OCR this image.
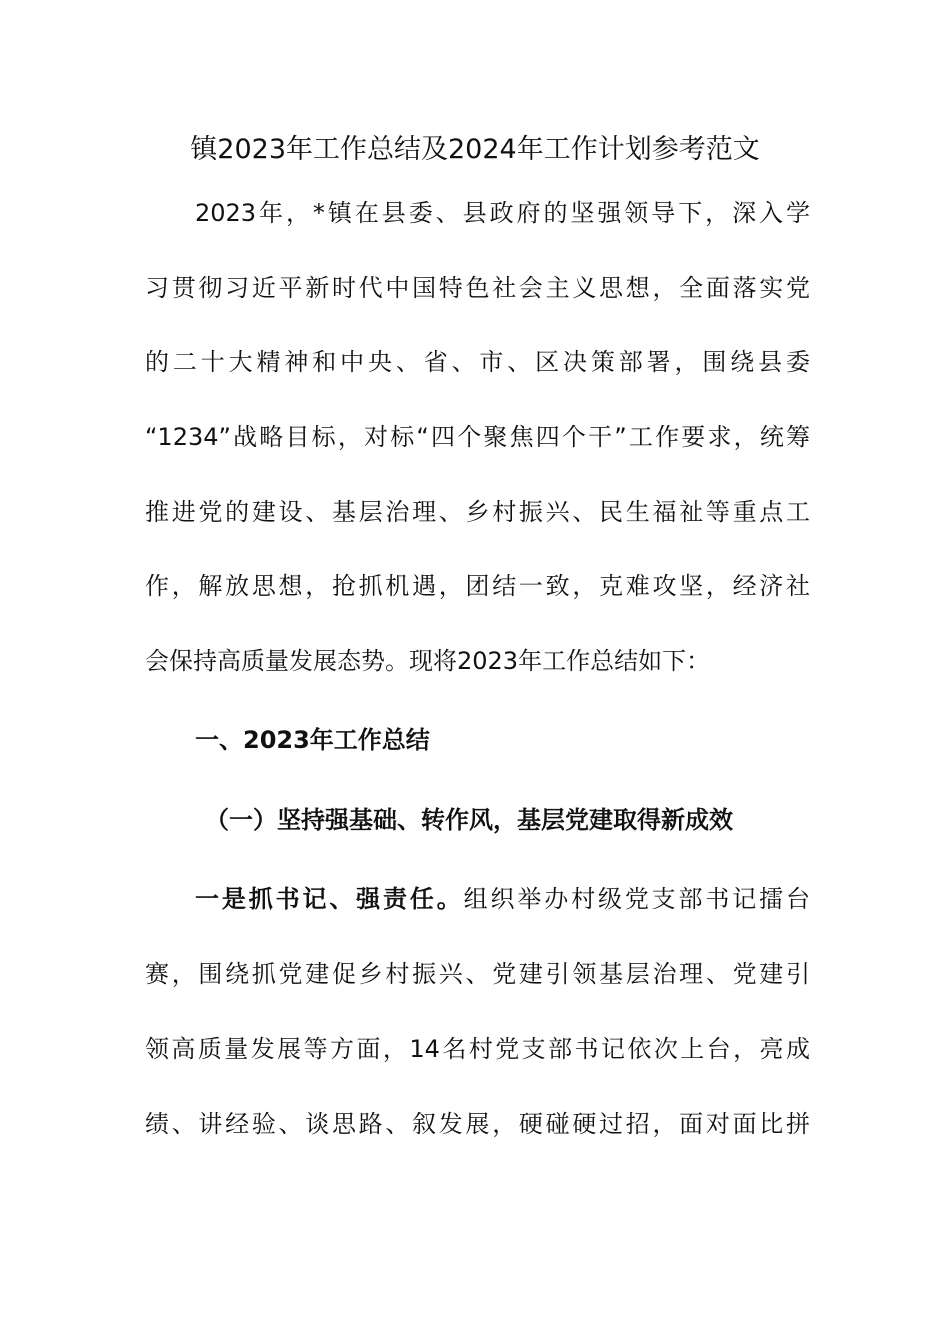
镇2023年工作总结及2024年工作计划参考范文
2023年，*镇在县委、县政府的坚强领导下，深入学
习贯彻习近平新时代中国特色社会主义思想，全面落实党
的二十大精神和中央、省、市、区决策部署，围绕县委
“1234”战略目标，对标“四个聚焦四个干”工作要求，统筹
推进党的建设、基层治理、乡村振兴、民生福祉等重点工
作，解放思想，抢抓机遇，团结一致，克难攻坚，经济社
会保持高质量发展态势。现将2023年工作总结如下：
一、2023年工作总结
（一）坚持强基础、转作风，基层党建取得新成效
一是抓书记、强责任。组织举办村级党支部书记擂台
赛，围绕抓党建促乡村振兴、党建引领基层治理、党建引
领高质量发展等方面，14名村党支部书记依次上台，亮成
绩、讲经验、谈思路、叙发展，硬碰硬过招，面对面比拼
